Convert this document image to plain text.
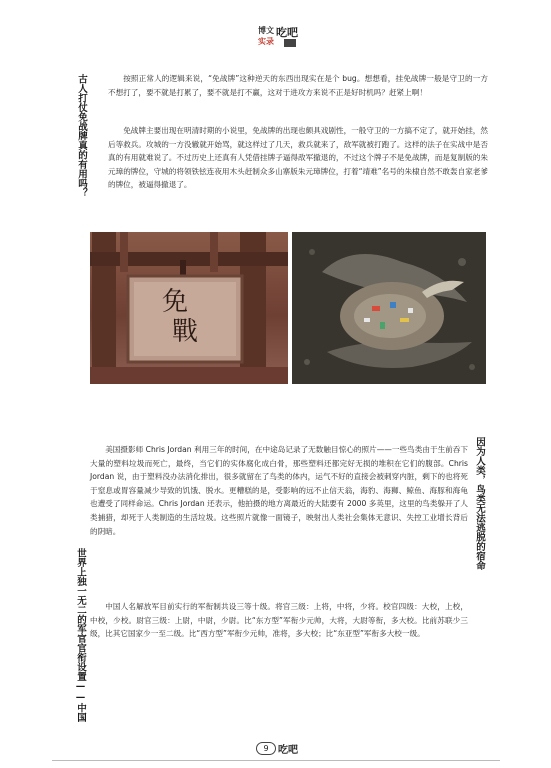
博文
实录
吃吧
古人打仗免战牌真的有用吗？	按照正常人的逻辑来说，“免战牌”这种逆天的东西出现实在是个 bug。想想看，挂免战牌一般是守卫的一方不想打了，要不就是打累了，要不就是打不赢，这对于进攻方来说不正是好时机吗？赶紧上啊！

免战牌主要出现在明清时期的小说里，免战牌的出现也颇具戏剧性，一般守卫的一方搞不定了，就开始挂，然后等救兵。攻城的一方没辙就开始骂，就这样过了几天，救兵就来了，敌军就被打跑了。这样的法子在实战中是否真的有用就难说了。不过历史上还真有人凭借挂牌子逼得敌军撤退的，不过这个牌子不是免战牌，而是复制版的朱元璋的牌位，守城的将领铁铉连夜用木头赶制众多山寨版朱元璋牌位，打着“靖难”名号的朱棣自然不敢轰自家老爹的牌位，被逼得撤退了。

免
戰
因为人类，鸟类无法逃脱的宿命

美国摄影师 Chris Jordan 利用三年的时间，在中途岛记录了无数触目惊心的照片——一些鸟类由于生前吞下大量的塑料垃圾而死亡，最终，当它们的实体腐化成白骨，那些塑料还都完好无损的堆积在它们的腹部。Chris Jordan 说，由于塑料没办法消化排出，很多就留在了鸟类的体内，运气不好的直接会被刺穿内脏，剩下的也将死于窒息或胃容量减少导致的饥饿、脱水。更糟糕的是，受影响的远不止信天翁，海豹、海狮、鲸鱼、海豚和海龟也遭受了同样命运。Chris Jordan 还表示，他拍摄的地方离最近的大陆要有 2000 多英里，这里的鸟类躲开了人类捕猎，却死于人类制造的生活垃圾。这些照片就像一面镜子，映射出人类社会集体无意识、失控工业增长背后的阴暗。

世界上独一无二的军官官衔设置——中国	中国人名解放军目前实行的军衔制共设三等十级。将官三级：上将，中将，少将。校官四级：大校，上校，中校，少校。尉官三级：上尉，中尉，少尉。比“东方型”军衔少元帅，大将，大尉等衔，多大校。比前苏联少三级，比其它国家少一至二级。比“西方型”军衔少元帅，准将，多大校；比“东亚型”军衔多大校一级。

9 吃吧
